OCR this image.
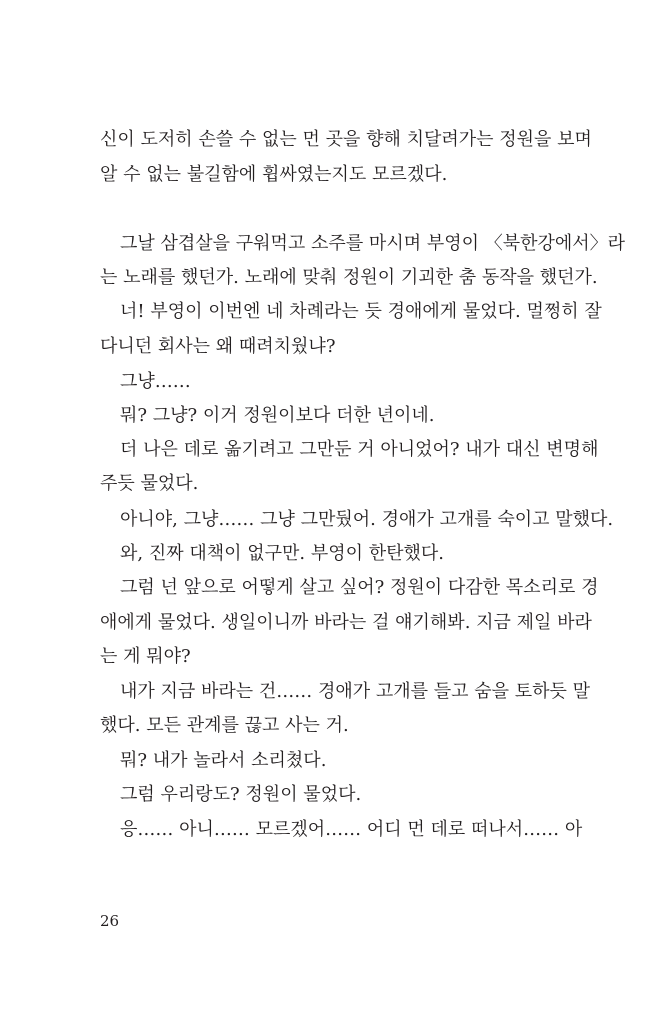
신이 도저히 손쓸 수 없는 먼 곳을 향해 치달려가는 정원을 보며
알 수 없는 불길함에 휩싸였는지도 모르겠다.
그날 삼겹살을 구워먹고 소주를 마시며 부영이 〈북한강에서〉라
는 노래를 했던가. 노래에 맞춰 정원이 기괴한 춤 동작을 했던가.
너! 부영이 이번엔 네 차례라는 듯 경애에게 물었다. 멀쩡히 잘
다니던 회사는 왜 때려치웠냐?
그냥……
뭐? 그냥? 이거 정원이보다 더한 년이네.
더 나은 데로 옮기려고 그만둔 거 아니었어? 내가 대신 변명해
주듯 물었다.
아니야, 그냥…… 그냥 그만뒀어. 경애가 고개를 숙이고 말했다.
와, 진짜 대책이 없구만. 부영이 한탄했다.
그럼 넌 앞으로 어떻게 살고 싶어? 정원이 다감한 목소리로 경
애에게 물었다. 생일이니까 바라는 걸 얘기해봐. 지금 제일 바라
는 게 뭐야?
내가 지금 바라는 건…… 경애가 고개를 들고 숨을 토하듯 말
했다. 모든 관계를 끊고 사는 거.
뭐? 내가 놀라서 소리쳤다.
그럼 우리랑도? 정원이 물었다.
응…… 아니…… 모르겠어…… 어디 먼 데로 떠나서…… 아
26
